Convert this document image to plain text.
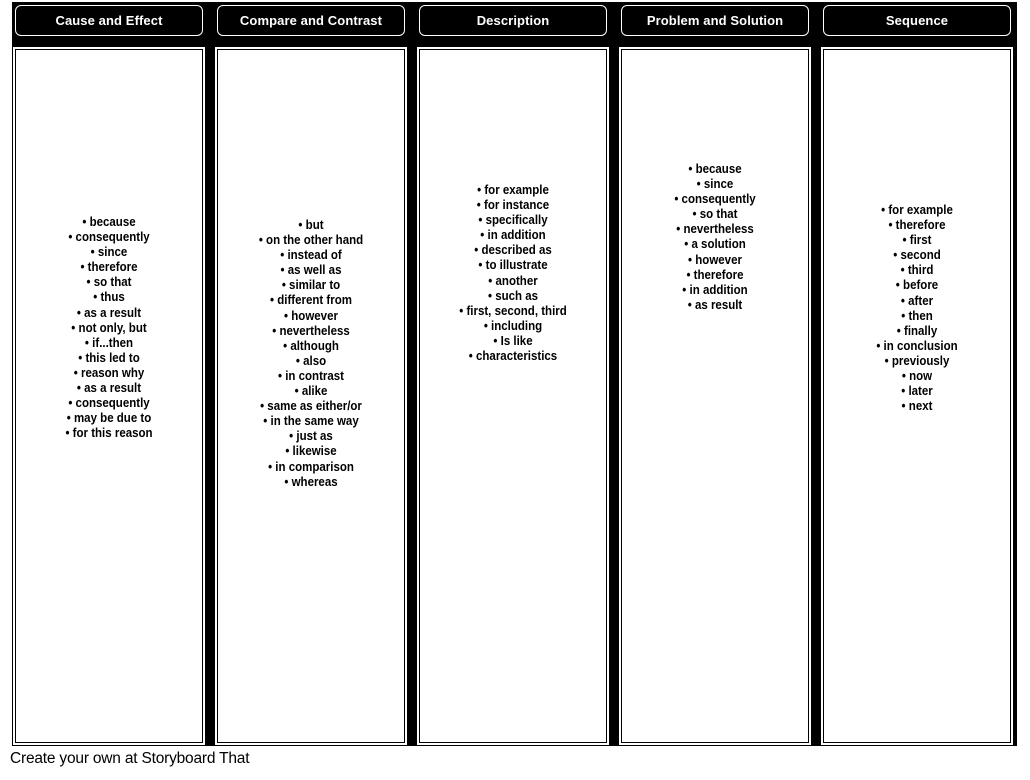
Cause and Effect
• because
• consequently
• since
• therefore
• so that
• thus
• as a result
• not only, but
• if...then
• this led to
• reason why
• as a result
• consequently
• may be due to
• for this reason
Compare and Contrast
• but
• on the other hand
• instead of
• as well as
• similar to
• different from
• however
• nevertheless
• although
• also
• in contrast
• alike
• same as either/or
• in the same way
• just as
• likewise
• in comparison
• whereas
Description
• for example
• for instance
• specifically
• in addition
• described as
• to illustrate
• another
• such as
• first, second, third
• including
• Is like
• characteristics
Problem and Solution
• because
• since
• consequently
• so that
• nevertheless
• a solution
• however
• therefore
• in addition
• as result
Sequence
• for example
• therefore
• first
• second
• third
• before
• after
• then
• finally
• in conclusion
• previously
• now
• later
• next
Create your own at Storyboard That
